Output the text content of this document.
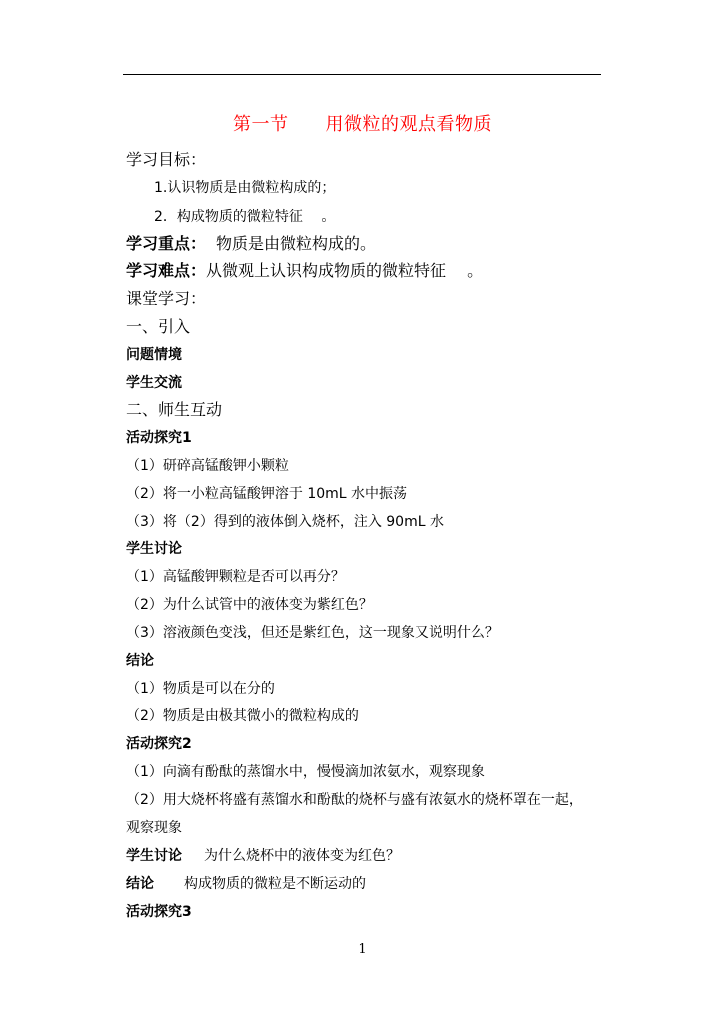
第一节　　用微粒的观点看物质
学习目标：
1.认识物质是由微粒构成的；
2．构成物质的微粒特征 　。
学习重点： 物质是由微粒构成的。
学习难点：从微观上认识构成物质的微粒特征 　。
课堂学习：
一、引入
问题情境
学生交流
二、师生互动
活动探究1
（1）研碎高锰酸钾小颗粒
（2）将一小粒高锰酸钾溶于 10mL 水中振荡
（3）将（2）得到的液体倒入烧杯，注入 90mL 水
学生讨论
（1）高锰酸钾颗粒是否可以再分？
（2）为什么试管中的液体变为紫红色？
（3）溶液颜色变浅，但还是紫红色，这一现象又说明什么？
结论
（1）物质是可以在分的
（2）物质是由极其微小的微粒构成的
活动探究2
（1）向滴有酚酞的蒸馏水中，慢慢滴加浓氨水，观察现象
（2）用大烧杯将盛有蒸馏水和酚酞的烧杯与盛有浓氨水的烧杯罩在一起，
观察现象
学生讨论 为什么烧杯中的液体变为红色？
结论 构成物质的微粒是不断运动的
活动探究3
1
